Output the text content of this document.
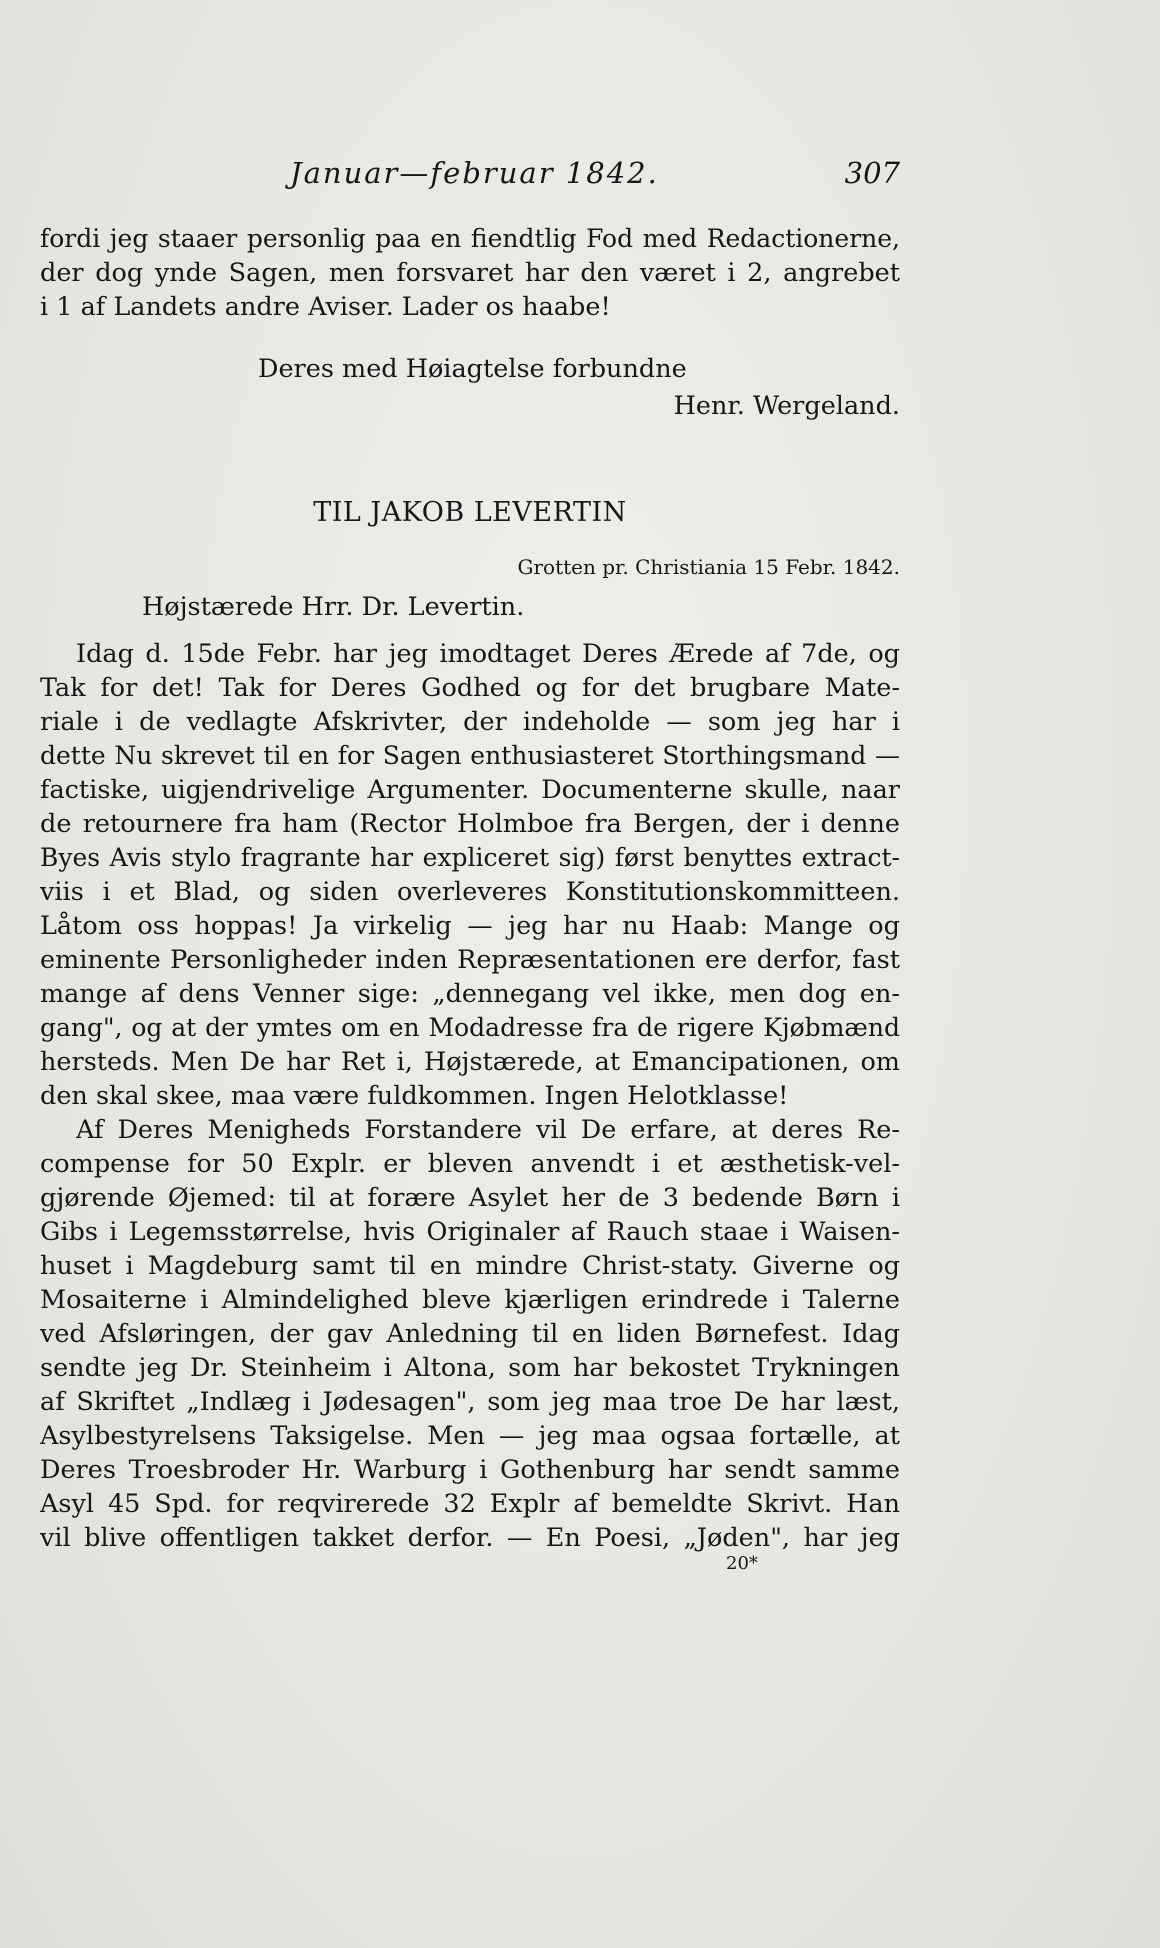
Januar—februar 1842.	307
fordi jeg staaer personlig paa en fiendtlig Fod med Redactionerne,
der dog ynde Sagen, men forsvaret har den været i 2, angrebet
i 1 af Landets andre Aviser. Lader os haabe!
Deres med Høiagtelse forbundne
Henr. Wergeland.
TIL JAKOB LEVERTIN
Grotten pr. Christiania 15 Febr. 1842.
Højstærede Hrr. Dr. Levertin.
Idag d. 15de Febr. har jeg imodtaget Deres Ærede af 7de, og
Tak for det! Tak for Deres Godhed og for det brugbare Mate-
riale i de vedlagte Afskrivter, der indeholde — som jeg har i
dette Nu skrevet til en for Sagen enthusiasteret Storthingsmand —
factiske, uigjendrivelige Argumenter. Documenterne skulle, naar
de retournere fra ham (Rector Holmboe fra Bergen, der i denne
Byes Avis stylo fragrante har expliceret sig) først benyttes extract-
viis i et Blad, og siden overleveres Konstitutionskommitteen.
Låtom oss hoppas! Ja virkelig — jeg har nu Haab: Mange og
eminente Personligheder inden Repræsentationen ere derfor, fast
mange af dens Venner sige: „dennegang vel ikke, men dog en-
gang", og at der ymtes om en Modadresse fra de rigere Kjøbmænd
hersteds. Men De har Ret i, Højstærede, at Emancipationen, om
den skal skee, maa være fuldkommen. Ingen Helotklasse!
Af Deres Menigheds Forstandere vil De erfare, at deres Re-
compense for 50 Explr. er bleven anvendt i et æsthetisk-vel-
gjørende Øjemed: til at forære Asylet her de 3 bedende Børn i
Gibs i Legemsstørrelse, hvis Originaler af Rauch staae i Waisen-
huset i Magdeburg samt til en mindre Christ-staty. Giverne og
Mosaiterne i Almindelighed bleve kjærligen erindrede i Talerne
ved Afsløringen, der gav Anledning til en liden Børnefest. Idag
sendte jeg Dr. Steinheim i Altona, som har bekostet Trykningen
af Skriftet „Indlæg i Jødesagen", som jeg maa troe De har læst,
Asylbestyrelsens Taksigelse. Men — jeg maa ogsaa fortælle, at
Deres Troesbroder Hr. Warburg i Gothenburg har sendt samme
Asyl 45 Spd. for reqvirerede 32 Explr af bemeldte Skrivt. Han
vil blive offentligen takket derfor. — En Poesi, „Jøden", har jeg
20*
